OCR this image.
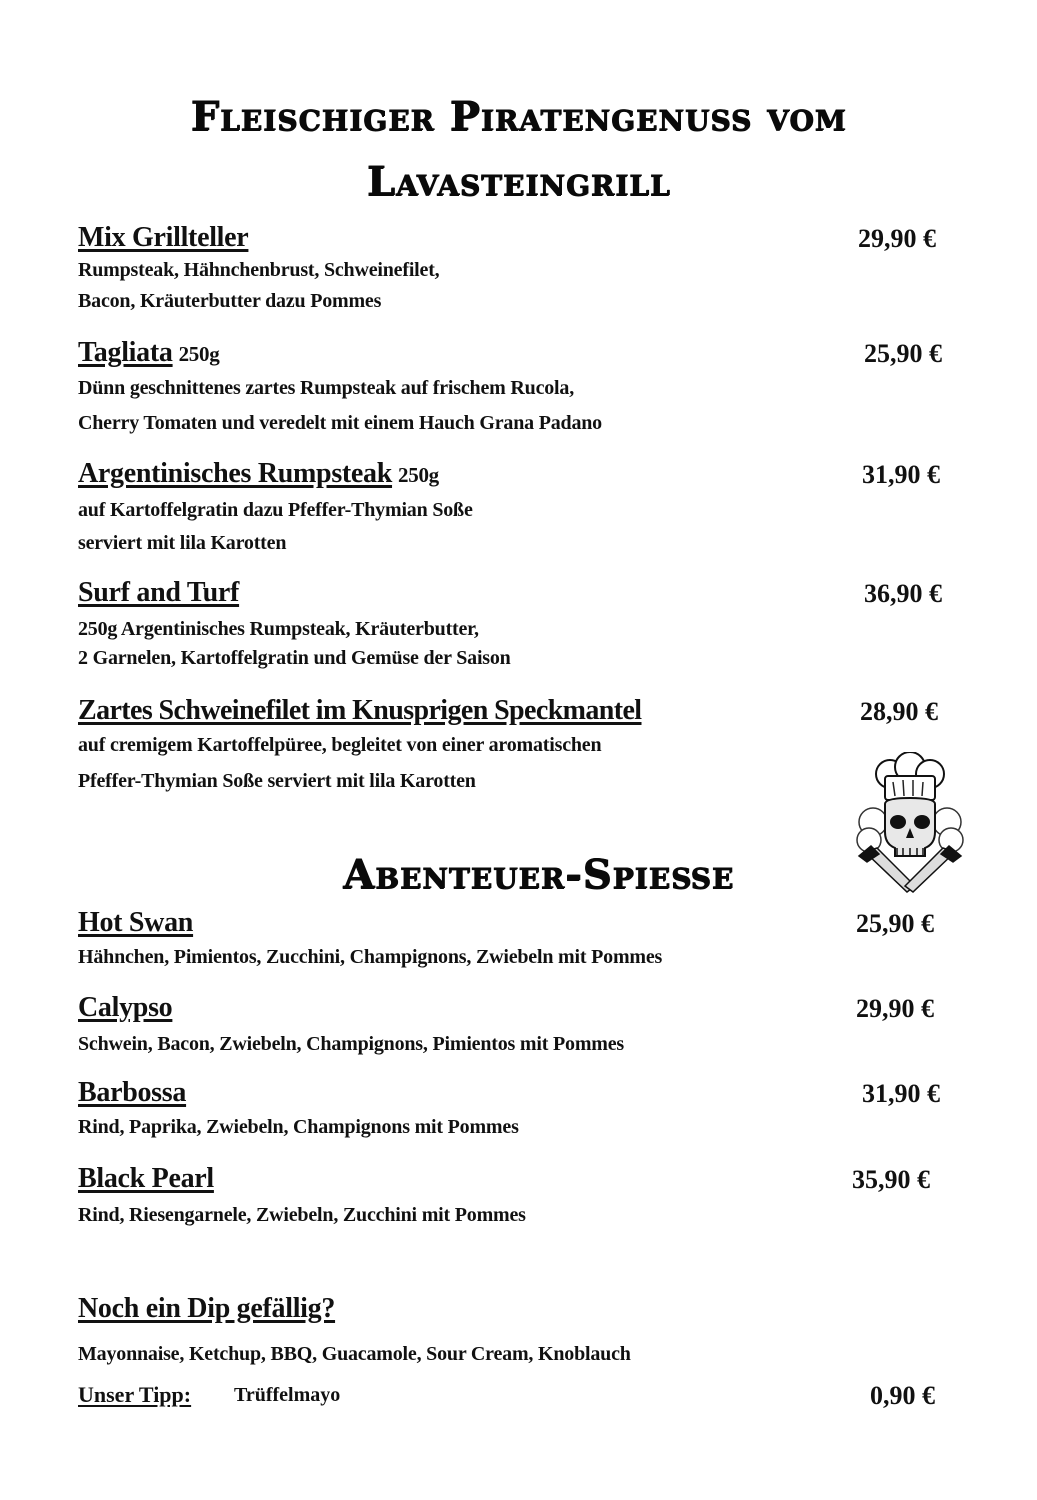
Fleischiger Piratengenuss vom
Lavasteingrill
Mix Grillteller	29,90 €
Rumpsteak, Hähnchenbrust, Schweinefilet,
Bacon, Kräuterbutter dazu Pommes
Tagliata 250g	25,90 €
Dünn geschnittenes zartes Rumpsteak auf frischem Rucola,
Cherry Tomaten und veredelt mit einem Hauch Grana Padano
Argentinisches Rumpsteak 250g	31,90 €
auf Kartoffelgratin dazu Pfeffer-Thymian Soße
serviert mit lila Karotten
Surf and Turf	36,90 €
250g Argentinisches Rumpsteak, Kräuterbutter,
2 Garnelen, Kartoffelgratin und Gemüse der Saison
Zartes Schweinefilet im Knusprigen Speckmantel	28,90 €
auf cremigem Kartoffelpüree, begleitet von einer aromatischen
Pfeffer-Thymian Soße serviert mit lila Karotten
Abenteuer-Spieße
Hot Swan	25,90 €
Hähnchen, Pimientos, Zucchini, Champignons, Zwiebeln mit Pommes
Calypso	29,90 €
Schwein, Bacon, Zwiebeln, Champignons, Pimientos mit Pommes
Barbossa	31,90 €
Rind, Paprika, Zwiebeln, Champignons mit Pommes
Black Pearl	35,90 €
Rind, Riesengarnele, Zwiebeln, Zucchini mit Pommes
Noch ein Dip gefällig?
Mayonnaise, Ketchup, BBQ, Guacamole, Sour Cream, Knoblauch
Unser Tipp: Trüffelmayo	0,90 €
